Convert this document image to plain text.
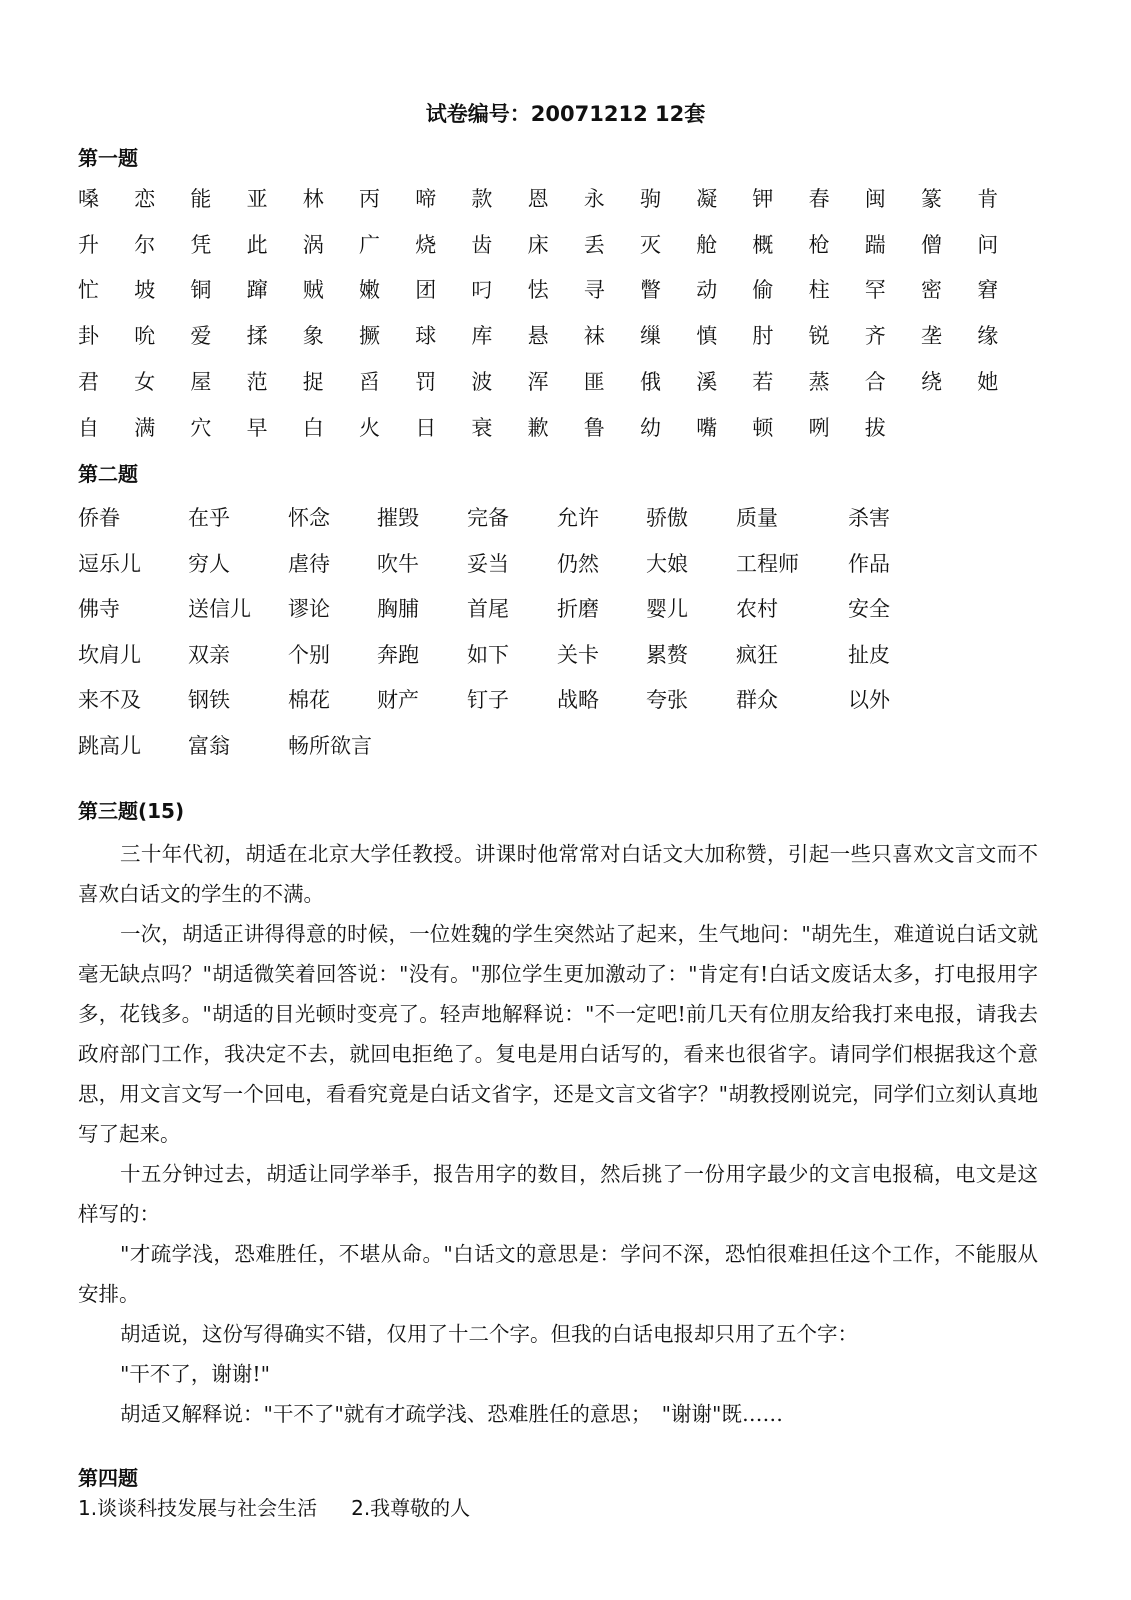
试卷编号：20071212 12套
第一题
嗓	恋	能	亚	林	丙	啼	款	恩	永	驹	凝	钾	春	闽	篆	肯
升	尔	凭	此	涡	广	烧	齿	床	丢	灭	舱	概	枪	踹	僧	问
忙	坡	铜	蹿	贼	嫩	团	叼	怯	寻	瞥	动	偷	柱	罕	密	窘
卦	吮	爱	揉	象	撅	球	库	悬	袜	缫	慎	肘	锐	齐	垄	缘
君	女	屋	范	捉	舀	罚	波	浑	匪	俄	溪	若	蒸	合	绕	她
自	满	穴	早	白	火	日	衰	歉	鲁	幼	嘴	顿	咧	拔
第二题
侨眷	在乎	怀念 摧毁 完备 允许 骄傲 质量	杀害
逗乐儿 穷人	虐待 吹牛 妥当 仍然 大娘 工程师 作品
佛寺	送信儿 谬论 胸脯 首尾 折磨 婴儿 农村	安全
坎肩儿 双亲	个别 奔跑 如下 关卡 累赘 疯狂	扯皮
来不及 钢铁	棉花 财产 钉子 战略 夸张 群众	以外
跳高儿 富翁	畅所欲言
第三题(15)

三十年代初，胡适在北京大学任教授。讲课时他常常对白话文大加称赞，引起一些只喜欢文言文而不喜欢白话文的学生的不满。

一次，胡适正讲得得意的时候，一位姓魏的学生突然站了起来，生气地问："胡先生，难道说白话文就毫无缺点吗？"胡适微笑着回答说："没有。"那位学生更加激动了："肯定有!白话文废话太多，打电报用字多，花钱多。"胡适的目光顿时变亮了。轻声地解释说："不一定吧!前几天有位朋友给我打来电报，请我去政府部门工作，我决定不去，就回电拒绝了。复电是用白话写的，看来也很省字。请同学们根据我这个意思，用文言文写一个回电，看看究竟是白话文省字，还是文言文省字？"胡教授刚说完，同学们立刻认真地写了起来。

十五分钟过去，胡适让同学举手，报告用字的数目，然后挑了一份用字最少的文言电报稿，电文是这样写的：

"才疏学浅，恐难胜任，不堪从命。"白话文的意思是：学问不深，恐怕很难担任这个工作，不能服从安排。

胡适说，这份写得确实不错，仅用了十二个字。但我的白话电报却只用了五个字：

"干不了，谢谢!"

胡适又解释说："干不了"就有才疏学浅、恐难胜任的意思；　"谢谢"既……

第四题
1.谈谈科技发展与社会生活 2.我尊敬的人
